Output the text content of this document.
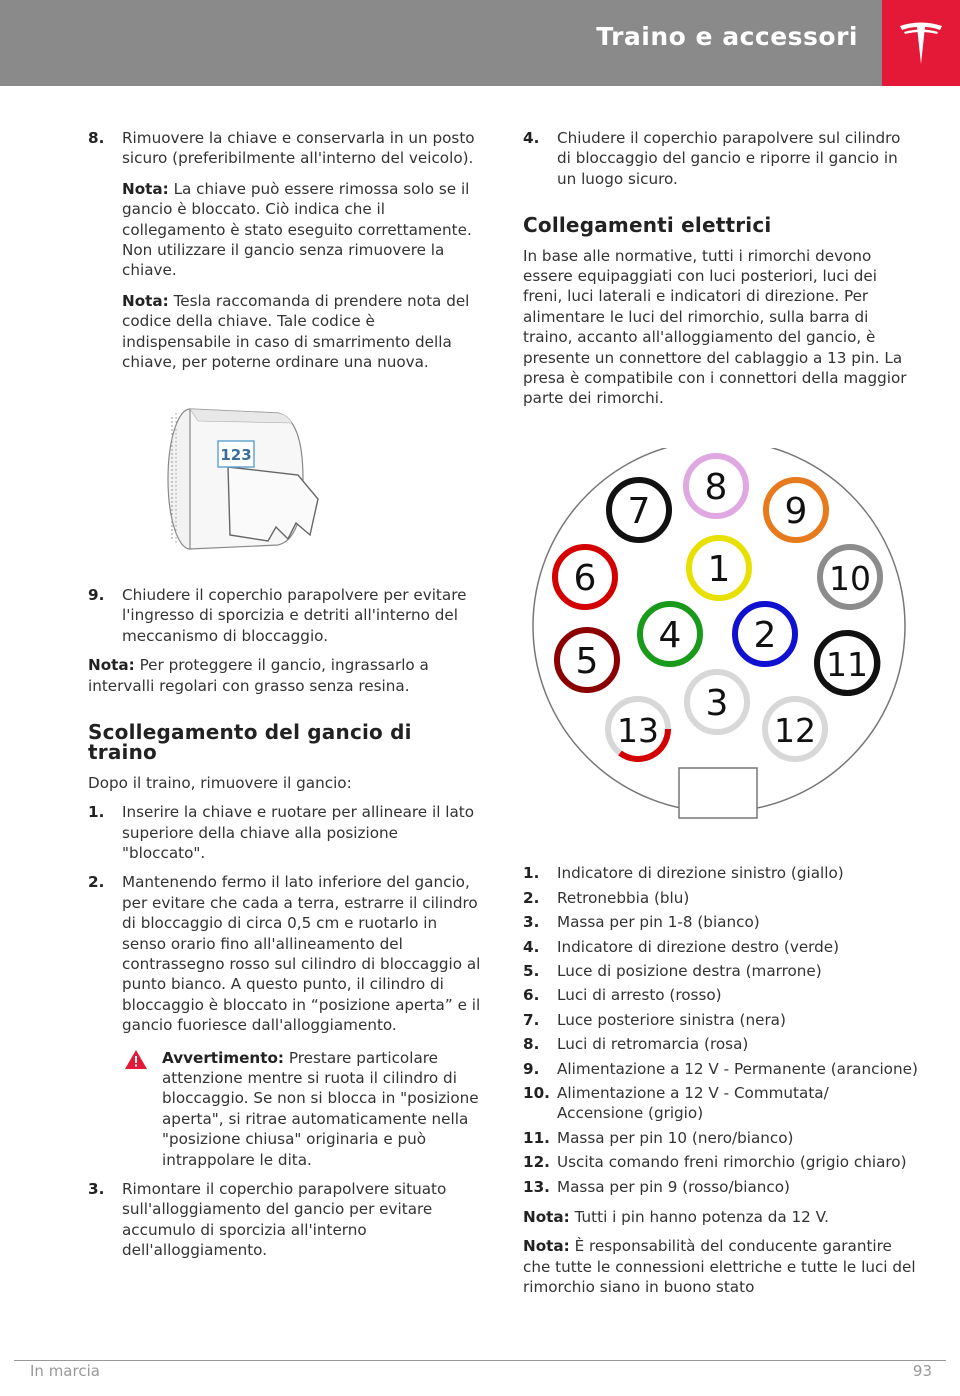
Traino e accessori
8. Rimuovere la chiave e conservarla in un posto sicuro (preferibilmente all'interno del veicolo).
Nota: La chiave può essere rimossa solo se il gancio è bloccato. Ciò indica che il collegamento è stato eseguito correttamente. Non utilizzare il gancio senza rimuovere la chiave.
Nota: Tesla raccomanda di prendere nota del codice della chiave. Tale codice è indispensabile in caso di smarrimento della chiave, per poterne ordinare una nuova.
123
9. Chiudere il coperchio parapolvere per evitare l'ingresso di sporcizia e detriti all'interno del meccanismo di bloccaggio.
Nota: Per proteggere il gancio, ingrassarlo a intervalli regolari con grasso senza resina.
Scollegamento del gancio di traino
Dopo il traino, rimuovere il gancio:
1. Inserire la chiave e ruotare per allineare il lato superiore della chiave alla posizione "bloccato".
2. Mantenendo fermo il lato inferiore del gancio, per evitare che cada a terra, estrarre il cilindro di bloccaggio di circa 0,5 cm e ruotarlo in senso orario fino all'allineamento del contrassegno rosso sul cilindro di bloccaggio al punto bianco. A questo punto, il cilindro di bloccaggio è bloccato in “posizione aperta” e il gancio fuoriesce dall'alloggiamento.
Avvertimento: Prestare particolare attenzione mentre si ruota il cilindro di bloccaggio. Se non si blocca in "posizione aperta", si ritrae automaticamente nella "posizione chiusa" originaria e può intrappolare le dita.
3. Rimontare il coperchio parapolvere situato sull'alloggiamento del gancio per evitare accumulo di sporcizia all'interno dell'alloggiamento.
4. Chiudere il coperchio parapolvere sul cilindro di bloccaggio del gancio e riporre il gancio in un luogo sicuro.
Collegamenti elettrici
In base alle normative, tutti i rimorchi devono essere equipaggiati con luci posteriori, luci dei freni, luci laterali e indicatori di direzione. Per alimentare le luci del rimorchio, sulla barra di traino, accanto all'alloggiamento del gancio, è presente un connettore del cablaggio a 13 pin. La presa è compatibile con i connettori della maggior parte dei rimorchi.
8
7	9
1
6	10
4 2
5	11
3
13	12
1. Indicatore di direzione sinistro (giallo)
2. Retronebbia (blu)
3. Massa per pin 1-8 (bianco)
4. Indicatore di direzione destro (verde)
5. Luce di posizione destra (marrone)
6. Luci di arresto (rosso)
7. Luce posteriore sinistra (nera)
8. Luci di retromarcia (rosa)
9. Alimentazione a 12 V - Permanente (arancione)
10. Alimentazione a 12 V - Commutata/ Accensione (grigio)
11. Massa per pin 10 (nero/bianco)
12. Uscita comando freni rimorchio (grigio chiaro)
13. Massa per pin 9 (rosso/bianco)
Nota: Tutti i pin hanno potenza da 12 V.
Nota: È responsabilità del conducente garantire che tutte le connessioni elettriche e tutte le luci del rimorchio siano in buono stato
In marcia	93
